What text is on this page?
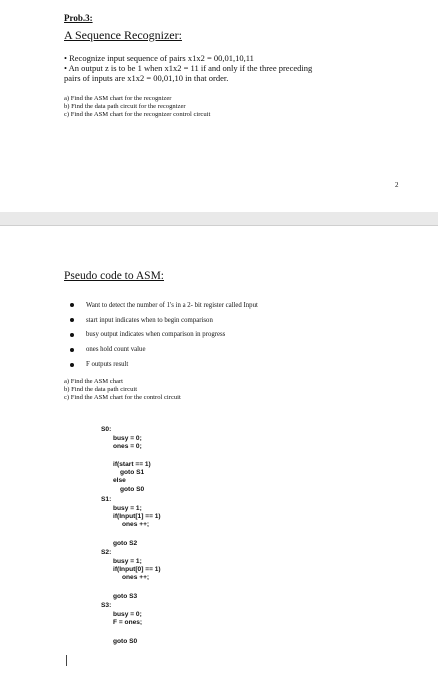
Prob.3:
A Sequence Recognizer:
• Recognize input sequence of pairs x1x2 = 00,01,10,11
• An output z is to be 1 when x1x2 = 11 if and only if the three preceding
pairs of inputs are x1x2 = 00,01,10 in that order.
a) Find the ASM chart for the recognizer
b) Find the data path circuit for the recognizer
c) Find the ASM chart for the recognizer control circuit
2
Pseudo code to ASM:
Want to detect the number of 1's in a 2- bit register called Input
start input indicates when to begin comparison
busy output indicates when comparison in progress
ones hold count value
F outputs result
a) Find the ASM chart
b) Find the data path circuit
c) Find the ASM chart for the control circuit
S0:
busy = 0;
ones = 0;
if(start == 1)
goto S1
else
goto S0
S1:
busy = 1;
if(Input[1] == 1)
ones ++;
goto S2
S2:
busy = 1;
if(Input[0] == 1)
ones ++;
goto S3
S3:
busy = 0;
F = ones;
goto S0
